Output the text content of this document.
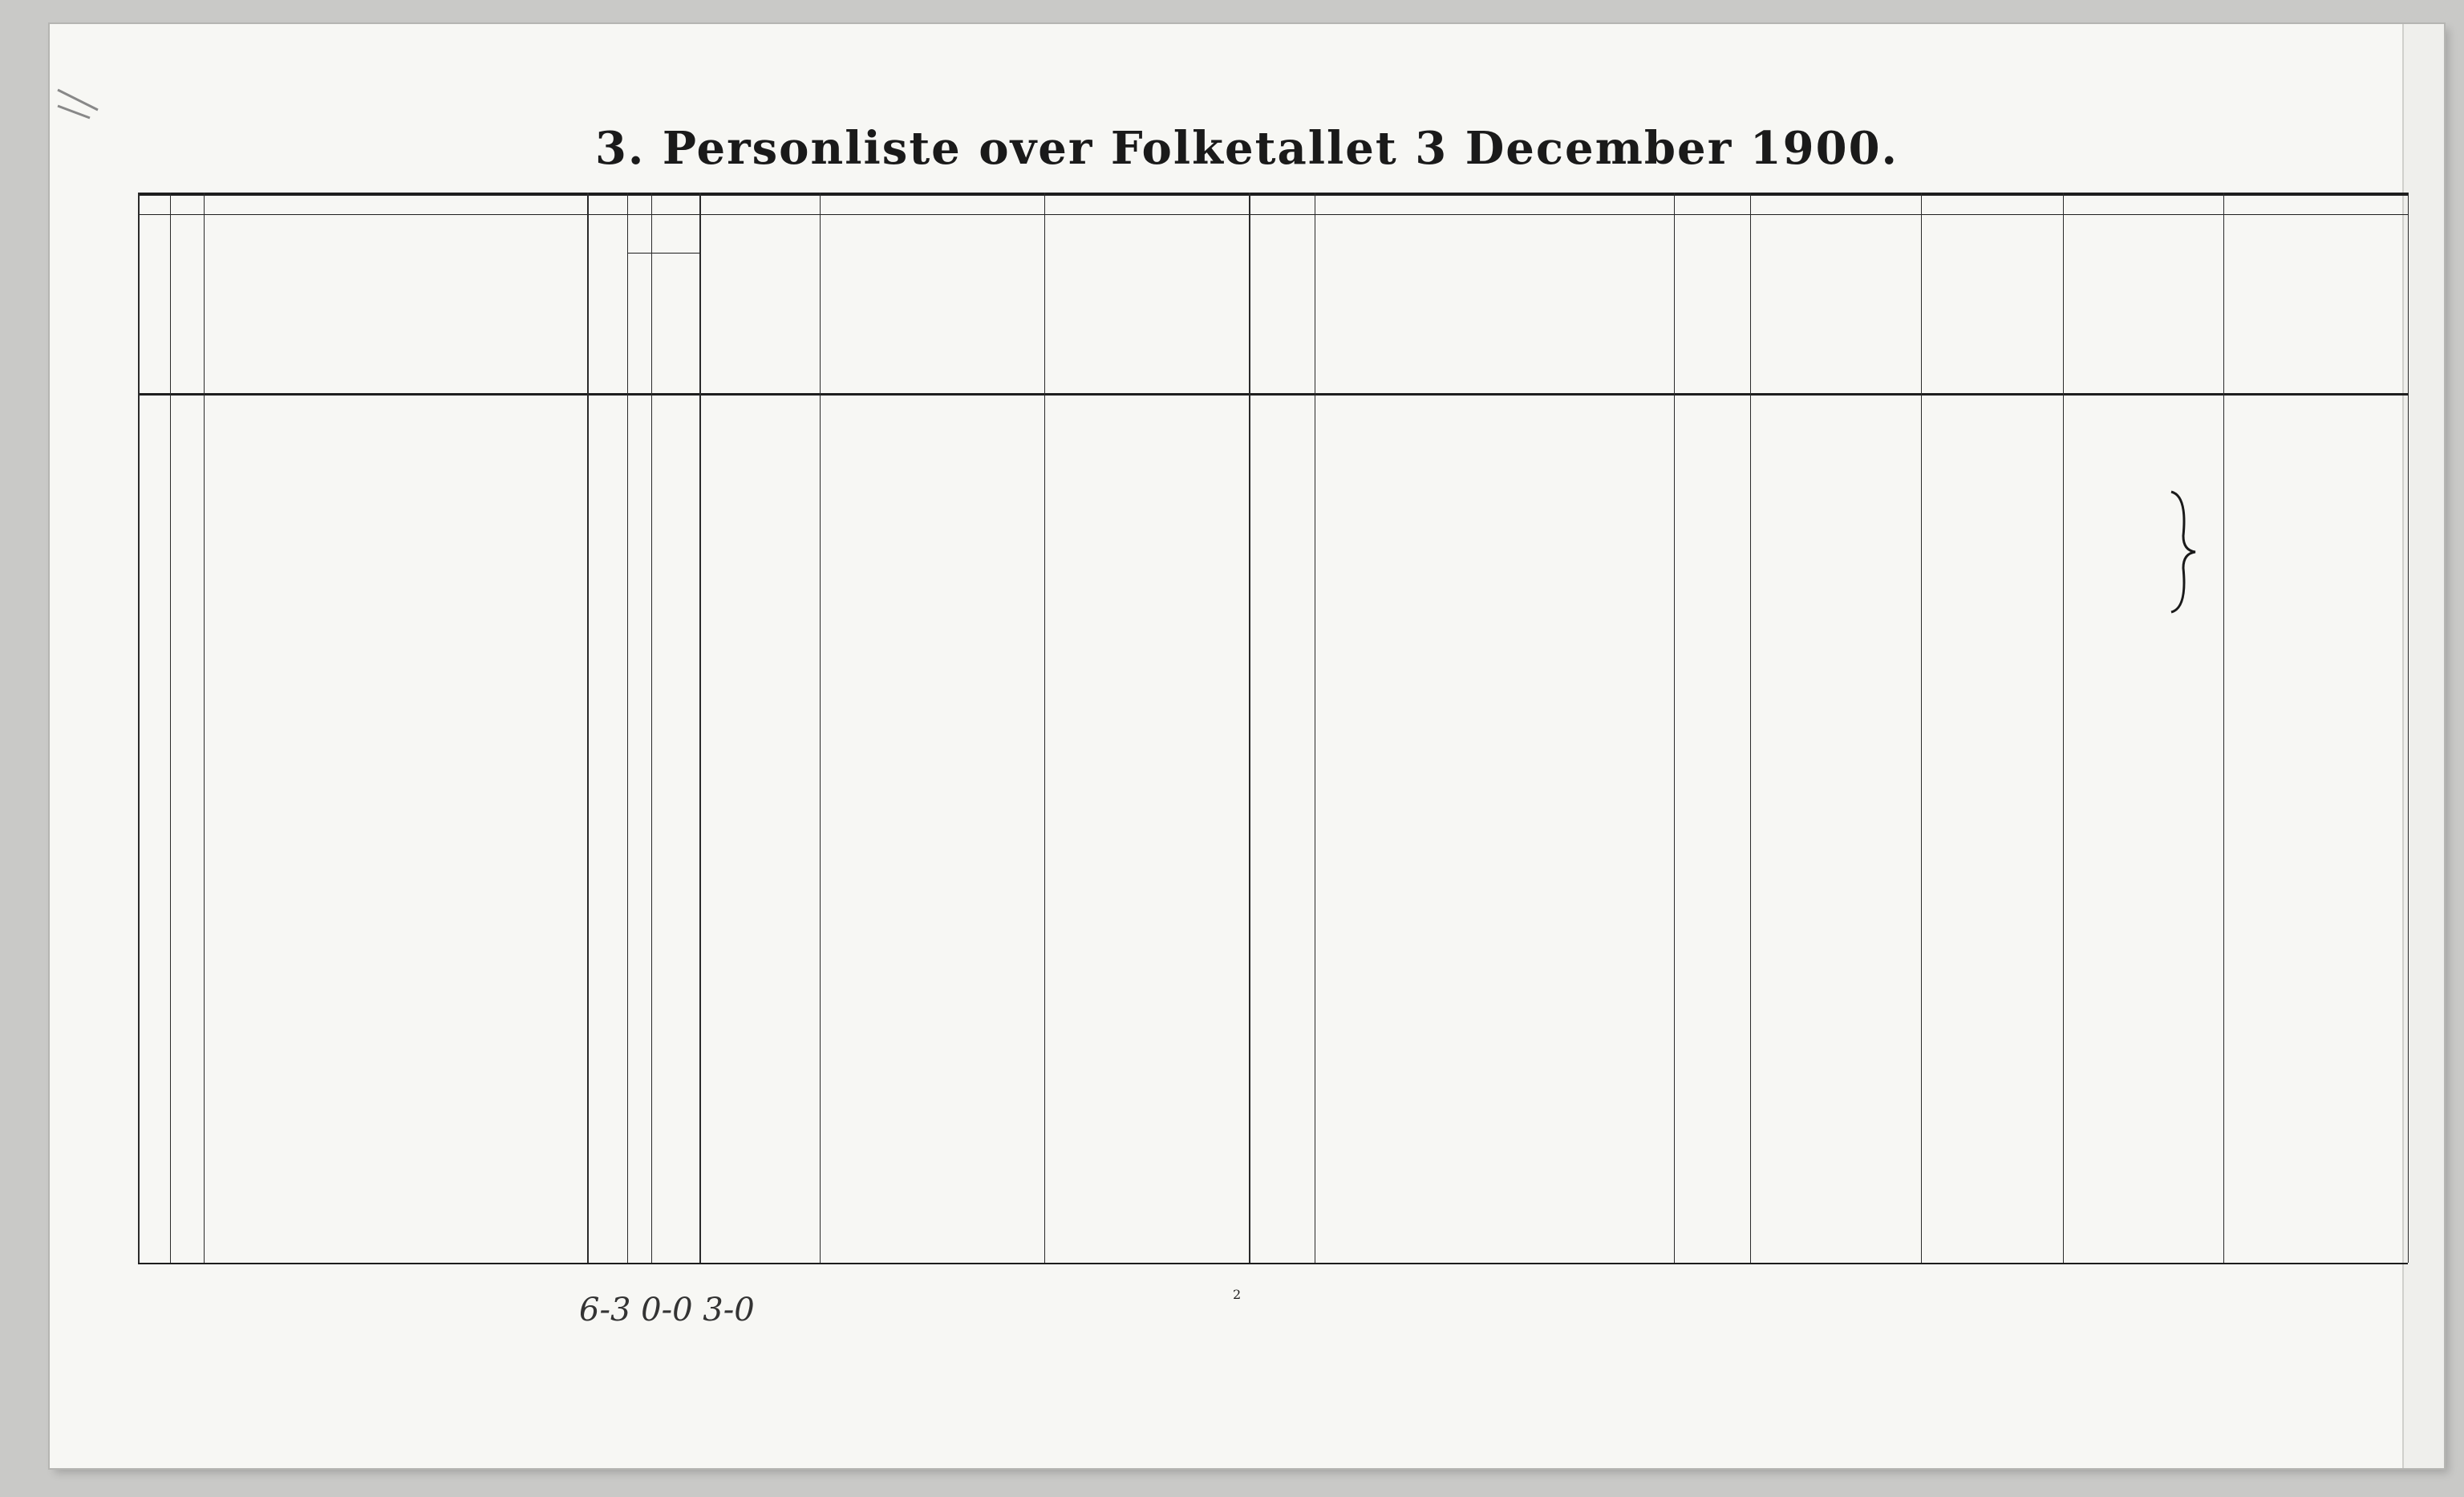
3. Personliste over Folketallet 3 December 1900.
2
6-3 0-0 3-0
